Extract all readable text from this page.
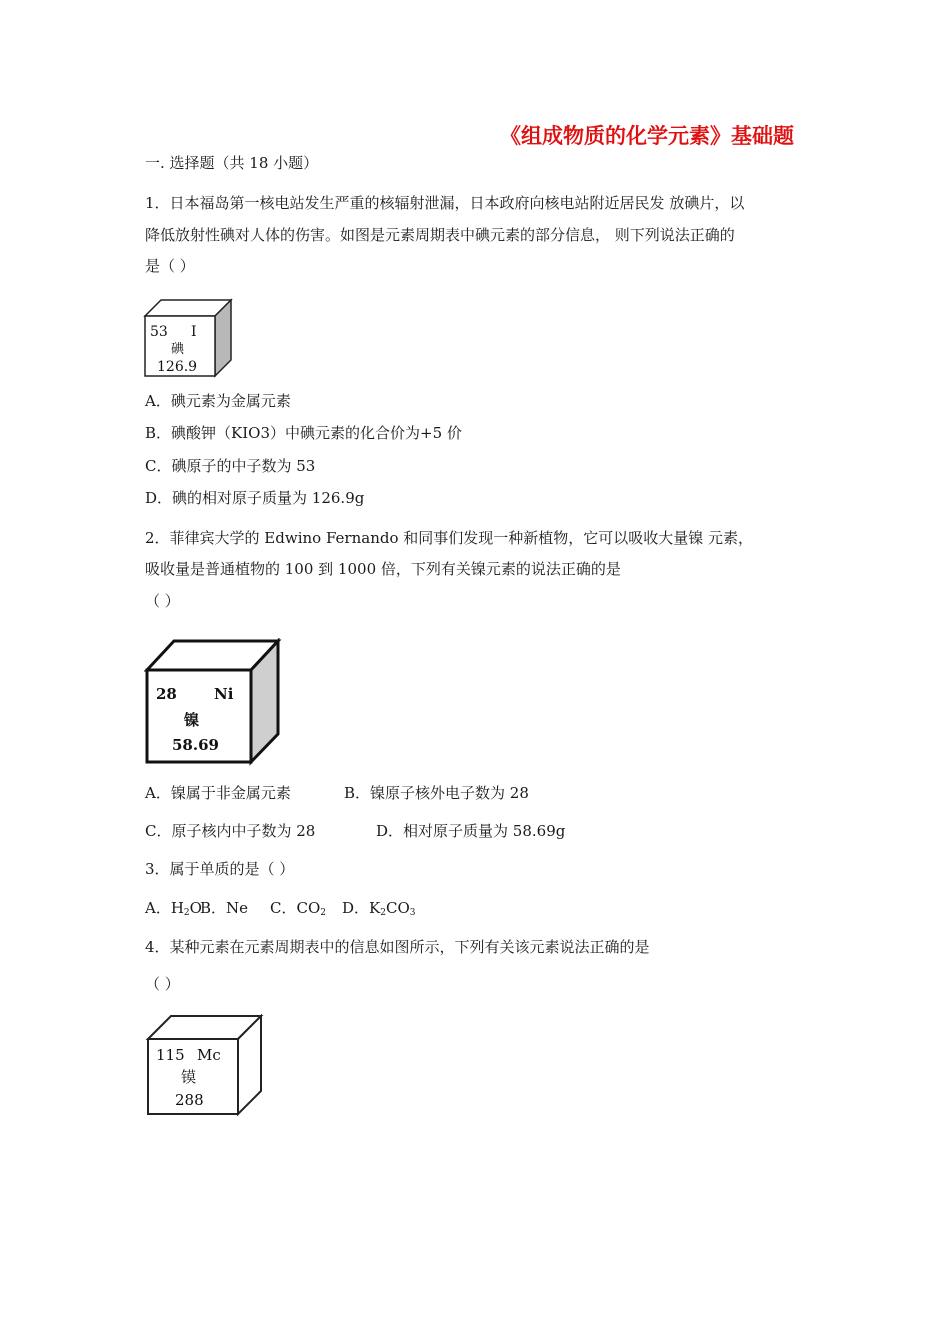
《组成物质的化学元素》基础题
一. 选择题（共 18 小题）
1．日本福岛第一核电站发生严重的核辐射泄漏，日本政府向核电站附近居民发 放碘片，以
降低放射性碘对人体的伤害。如图是元素周期表中碘元素的部分信息， 则下列说法正确的
是（ ）
53 I
碘
126.9
A．碘元素为金属元素
B．碘酸钾（KIO3）中碘元素的化合价为+5 价
C．碘原子的中子数为 53
D．碘的相对原子质量为 126.9g
2．菲律宾大学的 Edwino Fernando 和同事们发现一种新植物，它可以吸收大量镍 元素，
吸收量是普通植物的 100 到 1000 倍，下列有关镍元素的说法正确的是
（ ）
28 Ni
镍
58.69
A．镍属于非金属元素	B．镍原子核外电子数为 28
C．原子核内中子数为 28	D．相对原子质量为 58.69g
3．属于单质的是（ ）
A．$H_2O$
B．Ne C．$CO_2$ D．$K_2CO_3$
4．某种元素在元素周期表中的信息如图所示，下列有关该元素说法正确的是
（ ）
115 Mc
镆
288
